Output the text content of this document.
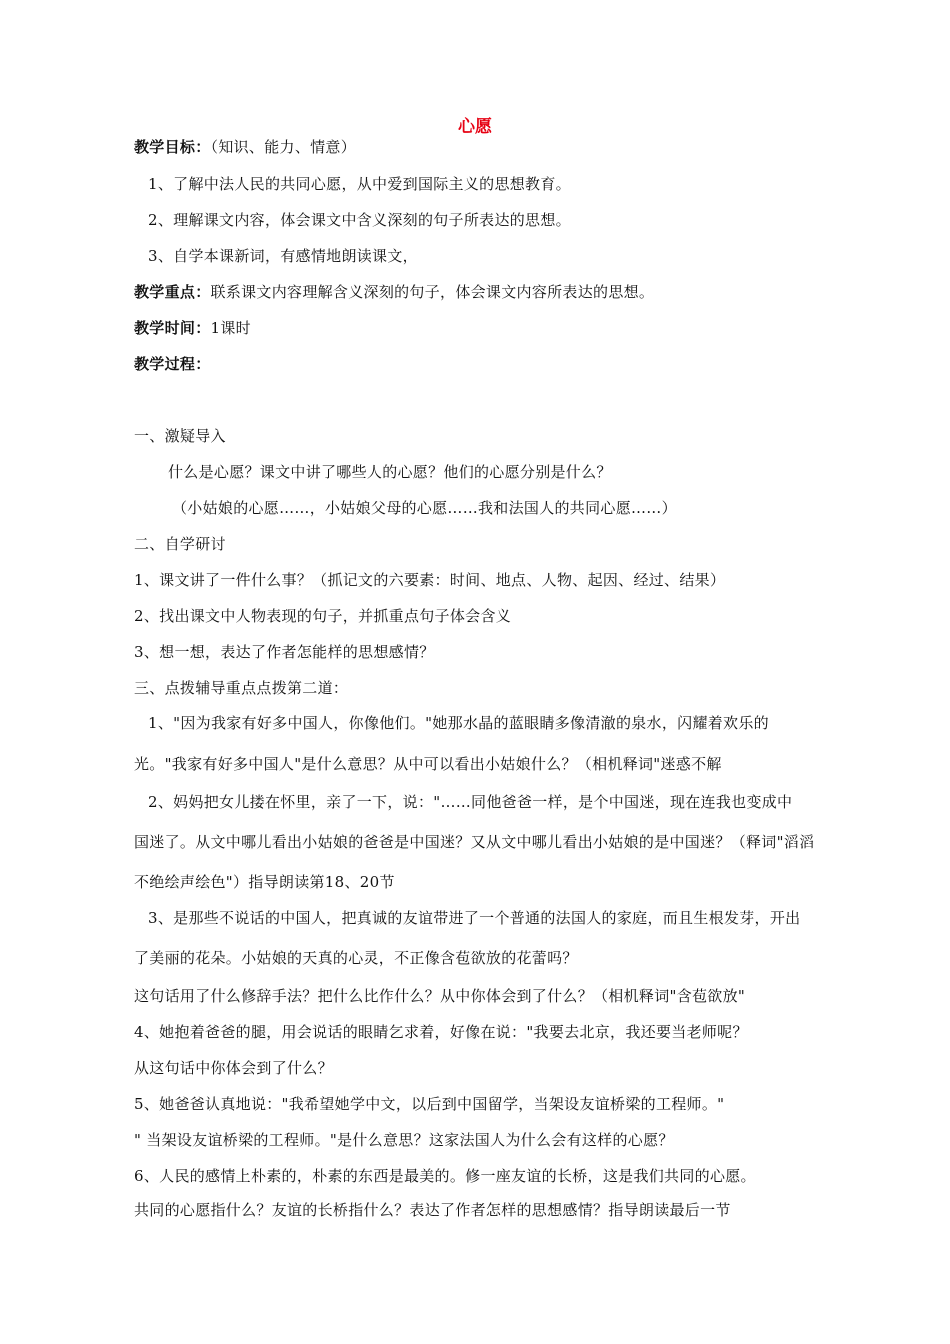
心愿
教学目标：（知识、能力、情意）
1、了解中法人民的共同心愿，从中爱到国际主义的思想教育。
2、理解课文内容，体会课文中含义深刻的句子所表达的思想。
3、自学本课新词，有感情地朗读课文，
教学重点：联系课文内容理解含义深刻的句子，体会课文内容所表达的思想。
教学时间：1课时
教学过程：
一、激疑导入
什么是心愿？课文中讲了哪些人的心愿？他们的心愿分别是什么？
（小姑娘的心愿……，小姑娘父母的心愿……我和法国人的共同心愿……）
二、自学研讨
1、课文讲了一件什么事？（抓记文的六要素：时间、地点、人物、起因、经过、结果）
2、找出课文中人物表现的句子，并抓重点句子体会含义
3、想一想，表达了作者怎能样的思想感情？
三、点拨辅导重点点拨第二道：
1、"因为我家有好多中国人，你像他们。"她那水晶的蓝眼睛多像清澈的泉水，闪耀着欢乐的
光。"我家有好多中国人"是什么意思？从中可以看出小姑娘什么？（相机释词"迷惑不解
2、妈妈把女儿搂在怀里，亲了一下，说："……同他爸爸一样，是个中国迷，现在连我也变成中
国迷了。从文中哪儿看出小姑娘的爸爸是中国迷？又从文中哪儿看出小姑娘的是中国迷？（释词"滔滔
不绝绘声绘色"）指导朗读第18、20节
3、是那些不说话的中国人，把真诚的友谊带进了一个普通的法国人的家庭，而且生根发芽，开出
了美丽的花朵。小姑娘的天真的心灵，不正像含苞欲放的花蕾吗？
这句话用了什么修辞手法？把什么比作什么？从中你体会到了什么？（相机释词"含苞欲放"
4、她抱着爸爸的腿，用会说话的眼睛乞求着，好像在说："我要去北京，我还要当老师呢？
从这句话中你体会到了什么？
5、她爸爸认真地说："我希望她学中文，以后到中国留学，当架设友谊桥梁的工程师。"
" 当架设友谊桥梁的工程师。"是什么意思？这家法国人为什么会有这样的心愿？
6、人民的感情上朴素的，朴素的东西是最美的。修一座友谊的长桥，这是我们共同的心愿。
共同的心愿指什么？友谊的长桥指什么？表达了作者怎样的思想感情？指导朗读最后一节
